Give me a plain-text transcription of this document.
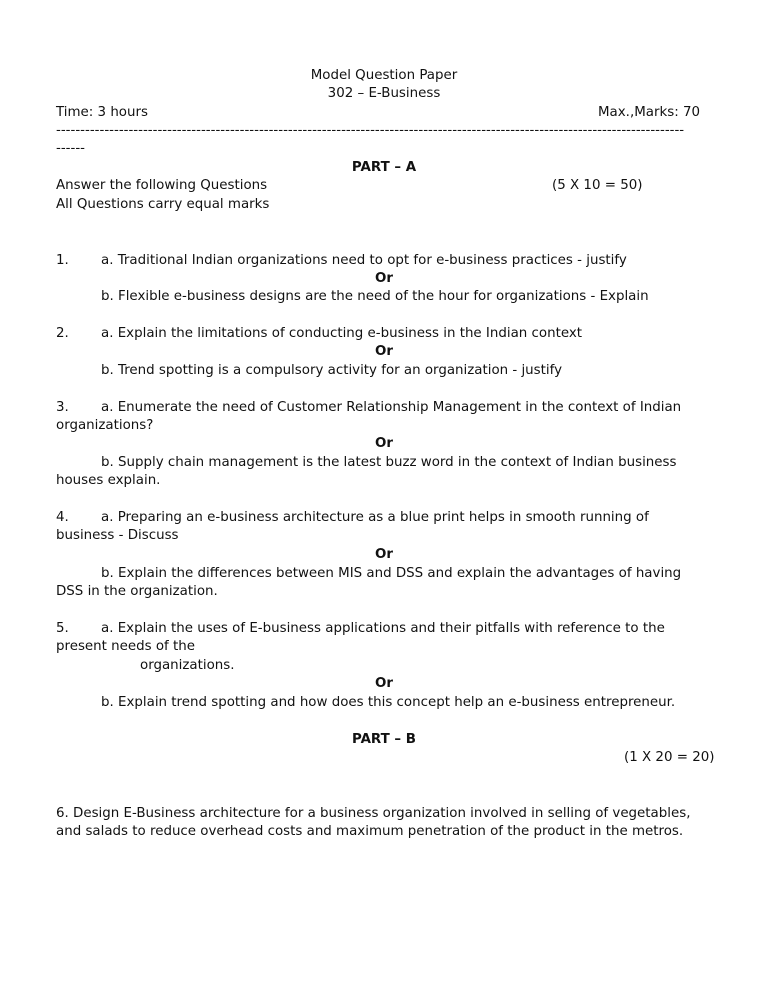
Model Question Paper
302 – E-Business
Time: 3 hours	Max.,Marks: 70
----------------------------------------------------------------------------------------------------------------------------------
------
PART – A
Answer the following Questions	(5 X 10 = 50)
All Questions carry equal marks
1. a. Traditional Indian organizations need to opt for e-business practices - justify
Or
b. Flexible e-business designs are the need of the hour for organizations - Explain
2. a. Explain the limitations of conducting e-business in the Indian context
Or
b. Trend spotting is a compulsory activity for an organization - justify
3. a. Enumerate the need of Customer Relationship Management in the context of Indian
organizations?
Or
b. Supply chain management is the latest buzz word in the context of Indian business
houses explain.
4. a. Preparing an e-business architecture as a blue print helps in smooth running of
business - Discuss
Or
b. Explain the differences between MIS and DSS and explain the advantages of having
DSS in the organization.
5. a. Explain the uses of E-business applications and their pitfalls with reference to the
present needs of the
organizations.
Or
b. Explain trend spotting and how does this concept help an e-business entrepreneur.
PART – B
(1 X 20 = 20)
6. Design E-Business architecture for a business organization involved in selling of vegetables,
and salads to reduce overhead costs and maximum penetration of the product in the metros.
